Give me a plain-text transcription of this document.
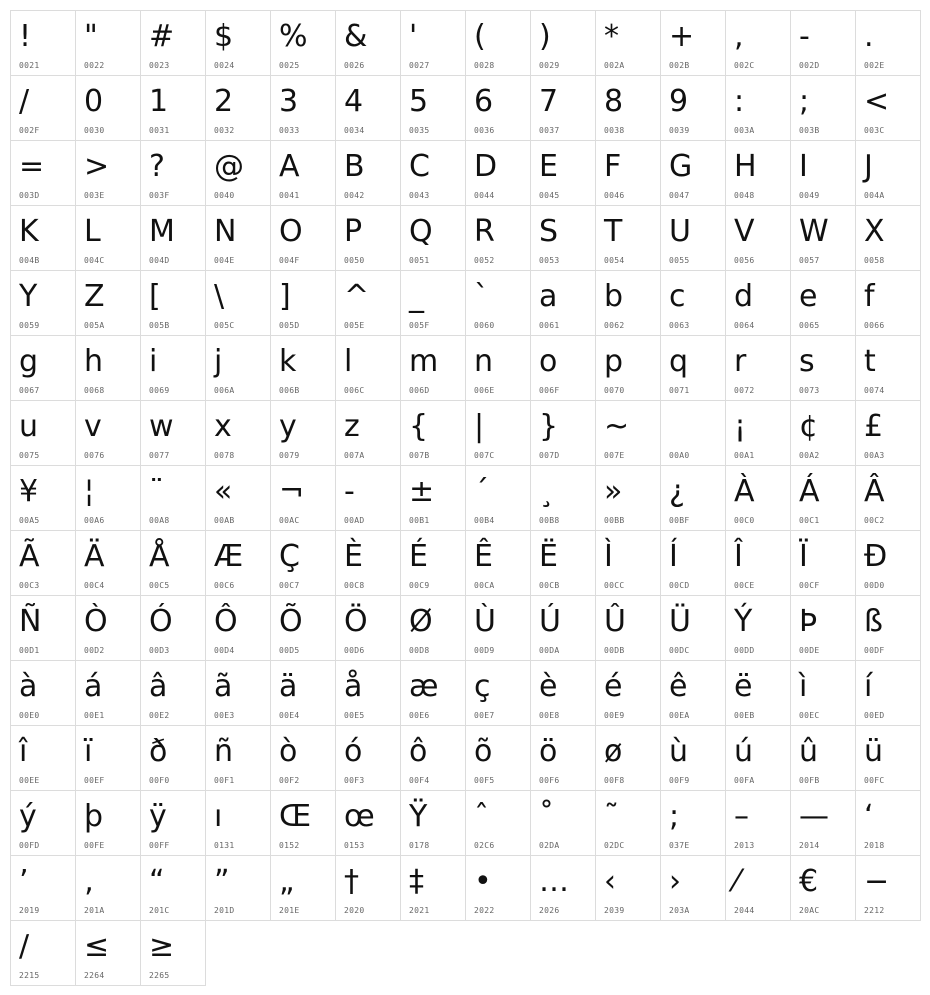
!
0021
"
0022
#
0023
$
0024
%
0025
&
0026
'
0027
(
0028
)
0029
*
002A
+
002B
,
002C
-
002D
.
002E
/
002F
0
0030
1
0031
2
0032
3
0033
4
0034
5
0035
6
0036
7
0037
8
0038
9
0039
:
003A
;
003B
<
003C
=
003D
>
003E
?
003F
@
0040
A
0041
B
0042
C
0043
D
0044
E
0045
F
0046
G
0047
H
0048
I
0049
J
004A
K
004B
L
004C
M
004D
N
004E
O
004F
P
0050
Q
0051
R
0052
S
0053
T
0054
U
0055
V
0056
W
0057
X
0058
Y
0059
Z
005A
[
005B
\
005C
]
005D
^
005E
_
005F
`
0060
a
0061
b
0062
c
0063
d
0064
e
0065
f
0066
g
0067
h
0068
i
0069
j
006A
k
006B
l
006C
m
006D
n
006E
o
006F
p
0070
q
0071
r
0072
s
0073
t
0074
u
0075
v
0076
w
0077
x
0078
y
0079
z
007A
{
007B
|
007C
}
007D
~
007E	00A0
¡
00A1
¢
00A2
£
00A3
¥
00A5
¦
00A6
¨
00A8
«
00AB
¬
00AC
-
00AD
±
00B1
´
00B4
¸
00B8
»
00BB
¿
00BF
À
00C0
Á
00C1
Â
00C2
Ã
00C3
Ä
00C4
Å
00C5
Æ
00C6
Ç
00C7
È
00C8
É
00C9
Ê
00CA
Ë
00CB
Ì
00CC
Í
00CD
Î
00CE
Ï
00CF
Ð
00D0
Ñ
00D1
Ò
00D2
Ó
00D3
Ô
00D4
Õ
00D5
Ö
00D6
Ø
00D8
Ù
00D9
Ú
00DA
Û
00DB
Ü
00DC
Ý
00DD
Þ
00DE
ß
00DF
à
00E0
á
00E1
â
00E2
ã
00E3
ä
00E4
å
00E5
æ
00E6
ç
00E7
è
00E8
é
00E9
ê
00EA
ë
00EB
ì
00EC
í
00ED
î
00EE
ï
00EF
ð
00F0
ñ
00F1
ò
00F2
ó
00F3
ô
00F4
õ
00F5
ö
00F6
ø
00F8
ù
00F9
ú
00FA
û
00FB
ü
00FC
ý
00FD
þ
00FE
ÿ
00FF
ı
0131
Œ
0152
œ
0153
Ÿ
0178
ˆ
02C6
˚
02DA
˜
02DC
;
037E
–
2013
—
2014
‘
2018
’
2019
‚
201A
“
201C
”
201D
„
201E
†
2020
‡
2021
•
2022
…
2026
‹
2039
›
203A
⁄
2044
€
20AC
−
2212
∕
2215
≤
2264
≥
2265
